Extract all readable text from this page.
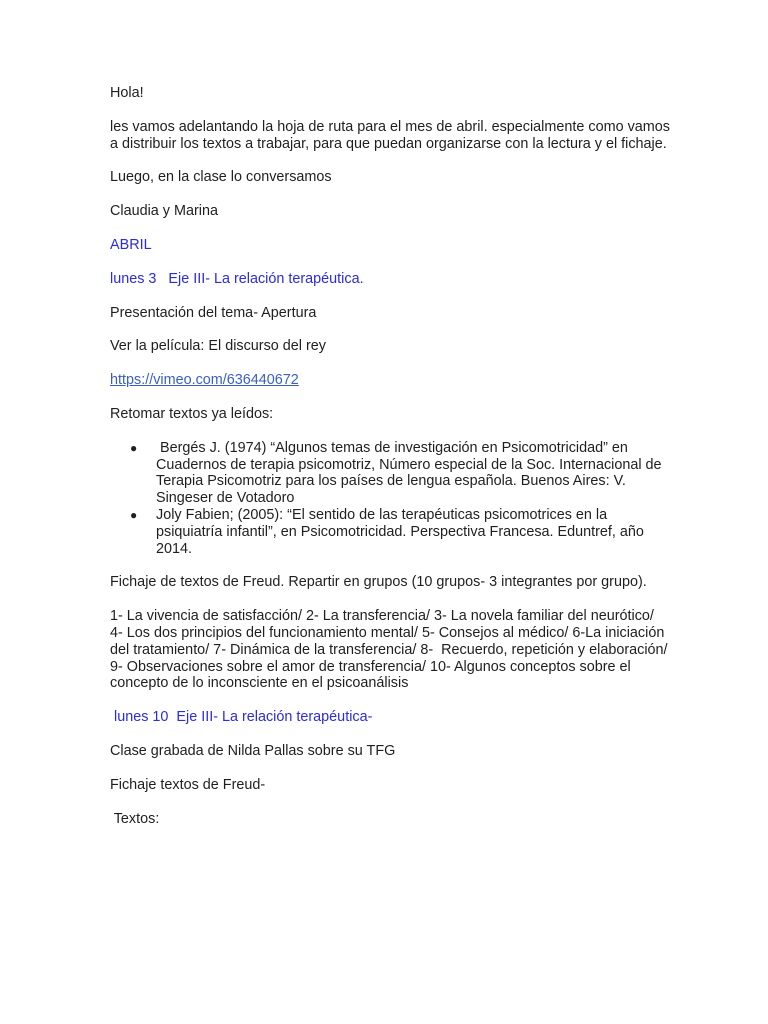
Hola!

les vamos adelantando la hoja de ruta para el mes de abril. especialmente como vamos a distribuir los textos a trabajar, para que puedan organizarse con la lectura y el fichaje.

Luego, en la clase lo conversamos

Claudia y Marina

ABRIL

lunes 3   Eje III- La relación terapéutica.

Presentación del tema- Apertura

Ver la película: El discurso del rey

https://vimeo.com/636440672

Retomar textos ya leídos:

● Bergés J. (1974) “Algunos temas de investigación en Psicomotricidad” en Cuadernos de terapia psicomotriz, Número especial de la Soc. Internacional de Terapia Psicomotriz para los países de lengua española. Buenos Aires: V. Singeser de Votadoro
● Joly Fabien; (2005): “El sentido de las terapéuticas psicomotrices en la psiquiatría infantil”, en Psicomotricidad. Perspectiva Francesa. Eduntref, año 2014.

Fichaje de textos de Freud. Repartir en grupos (10 grupos- 3 integrantes por grupo).

1- La vivencia de satisfacción/ 2- La transferencia/ 3- La novela familiar del neurótico/ 4- Los dos principios del funcionamiento mental/ 5- Consejos al médico/ 6-La iniciación del tratamiento/ 7- Dinámica de la transferencia/ 8-  Recuerdo, repetición y elaboración/ 9- Observaciones sobre el amor de transferencia/ 10- Algunos conceptos sobre el concepto de lo inconsciente en el psicoanálisis

lunes 10  Eje III- La relación terapéutica-

Clase grabada de Nilda Pallas sobre su TFG

Fichaje textos de Freud-

Textos:
